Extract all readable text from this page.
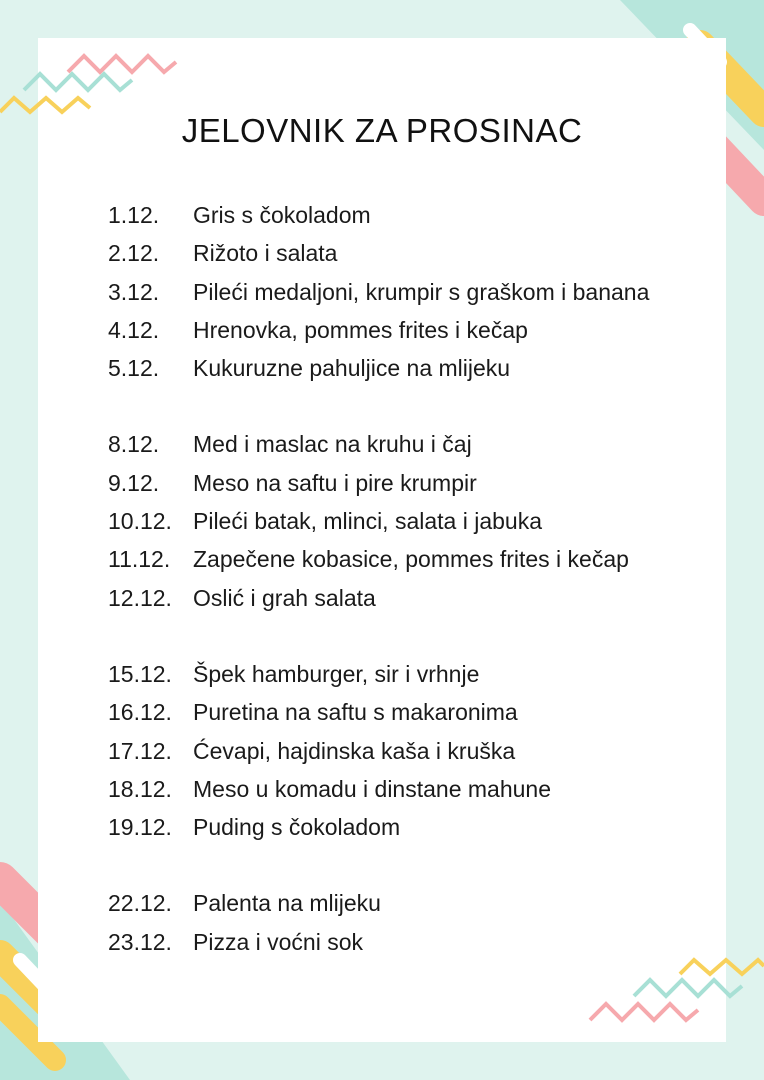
JELOVNIK ZA PROSINAC
1.12. Gris s čokoladom
2.12. Rižoto i salata
3.12. Pileći medaljoni, krumpir s graškom i banana
4.12. Hrenovka, pommes frites i kečap
5.12. Kukuruzne pahuljice na mlijeku
8.12. Med i maslac na kruhu i čaj
9.12. Meso na saftu i pire krumpir
10.12. Pileći batak, mlinci, salata i jabuka
11.12. Zapečene kobasice, pommes frites i kečap
12.12. Oslić i grah salata
15.12. Špek hamburger, sir i vrhnje
16.12. Puretina na saftu s makaronima
17.12. Ćevapi, hajdinska kaša i kruška
18.12. Meso u komadu i dinstane mahune
19.12. Puding s čokoladom
22.12. Palenta na mlijeku
23.12. Pizza i voćni sok
